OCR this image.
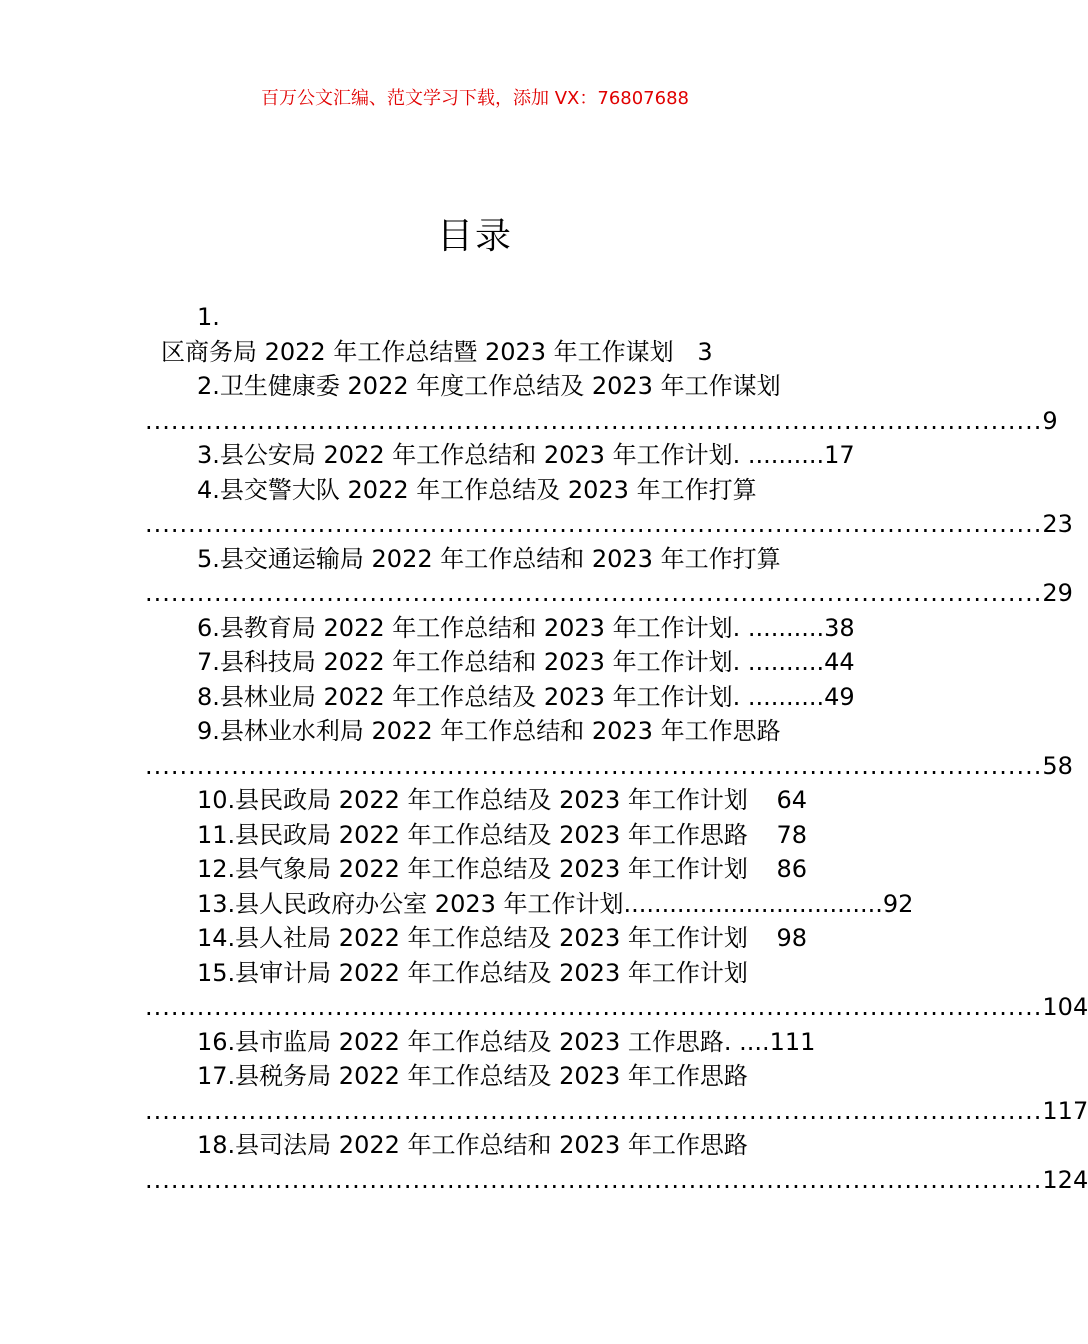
百万公文汇编、范文学习下载，添加 VX：76807688
目录
1.
区商务局 2022 年工作总结暨 2023 年工作谋划 3
2.卫生健康委 2022 年度工作总结及 2023 年工作谋划
........................................................................................................ 9
3.县公安局 2022 年工作总结和 2023 年工作计划 . .......... 17
4.县交警大队 2022 年工作总结及 2023 年工作打算
........................................................................................................ 23
5.县交通运输局 2022 年工作总结和 2023 年工作打算
........................................................................................................ 29
6.县教育局 2022 年工作总结和 2023 年工作计划 . .......... 38
7.县科技局 2022 年工作总结和 2023 年工作计划 . .......... 44
8.县林业局 2022 年工作总结及 2023 年工作计划 . .......... 49
9.县林业水利局 2022 年工作总结和 2023 年工作思路
........................................................................................................ 58
10.县民政局 2022 年工作总结及 2023 年工作计划 64
11.县民政局 2022 年工作总结及 2023 年工作思路 78
12.县气象局 2022 年工作总结及 2023 年工作计划 86
13.县人民政府办公室 2023 年工作计划 .................................. 92
14.县人社局 2022 年工作总结及 2023 年工作计划 98
15.县审计局 2022 年工作总结及 2023 年工作计划
........................................................................................................ 104
16.县市监局 2022 年工作总结及 2023 工作思路 . .... 111
17.县税务局 2022 年工作总结及 2023 年工作思路
........................................................................................................ 117
18.县司法局 2022 年工作总结和 2023 年工作思路
........................................................................................................ 124
